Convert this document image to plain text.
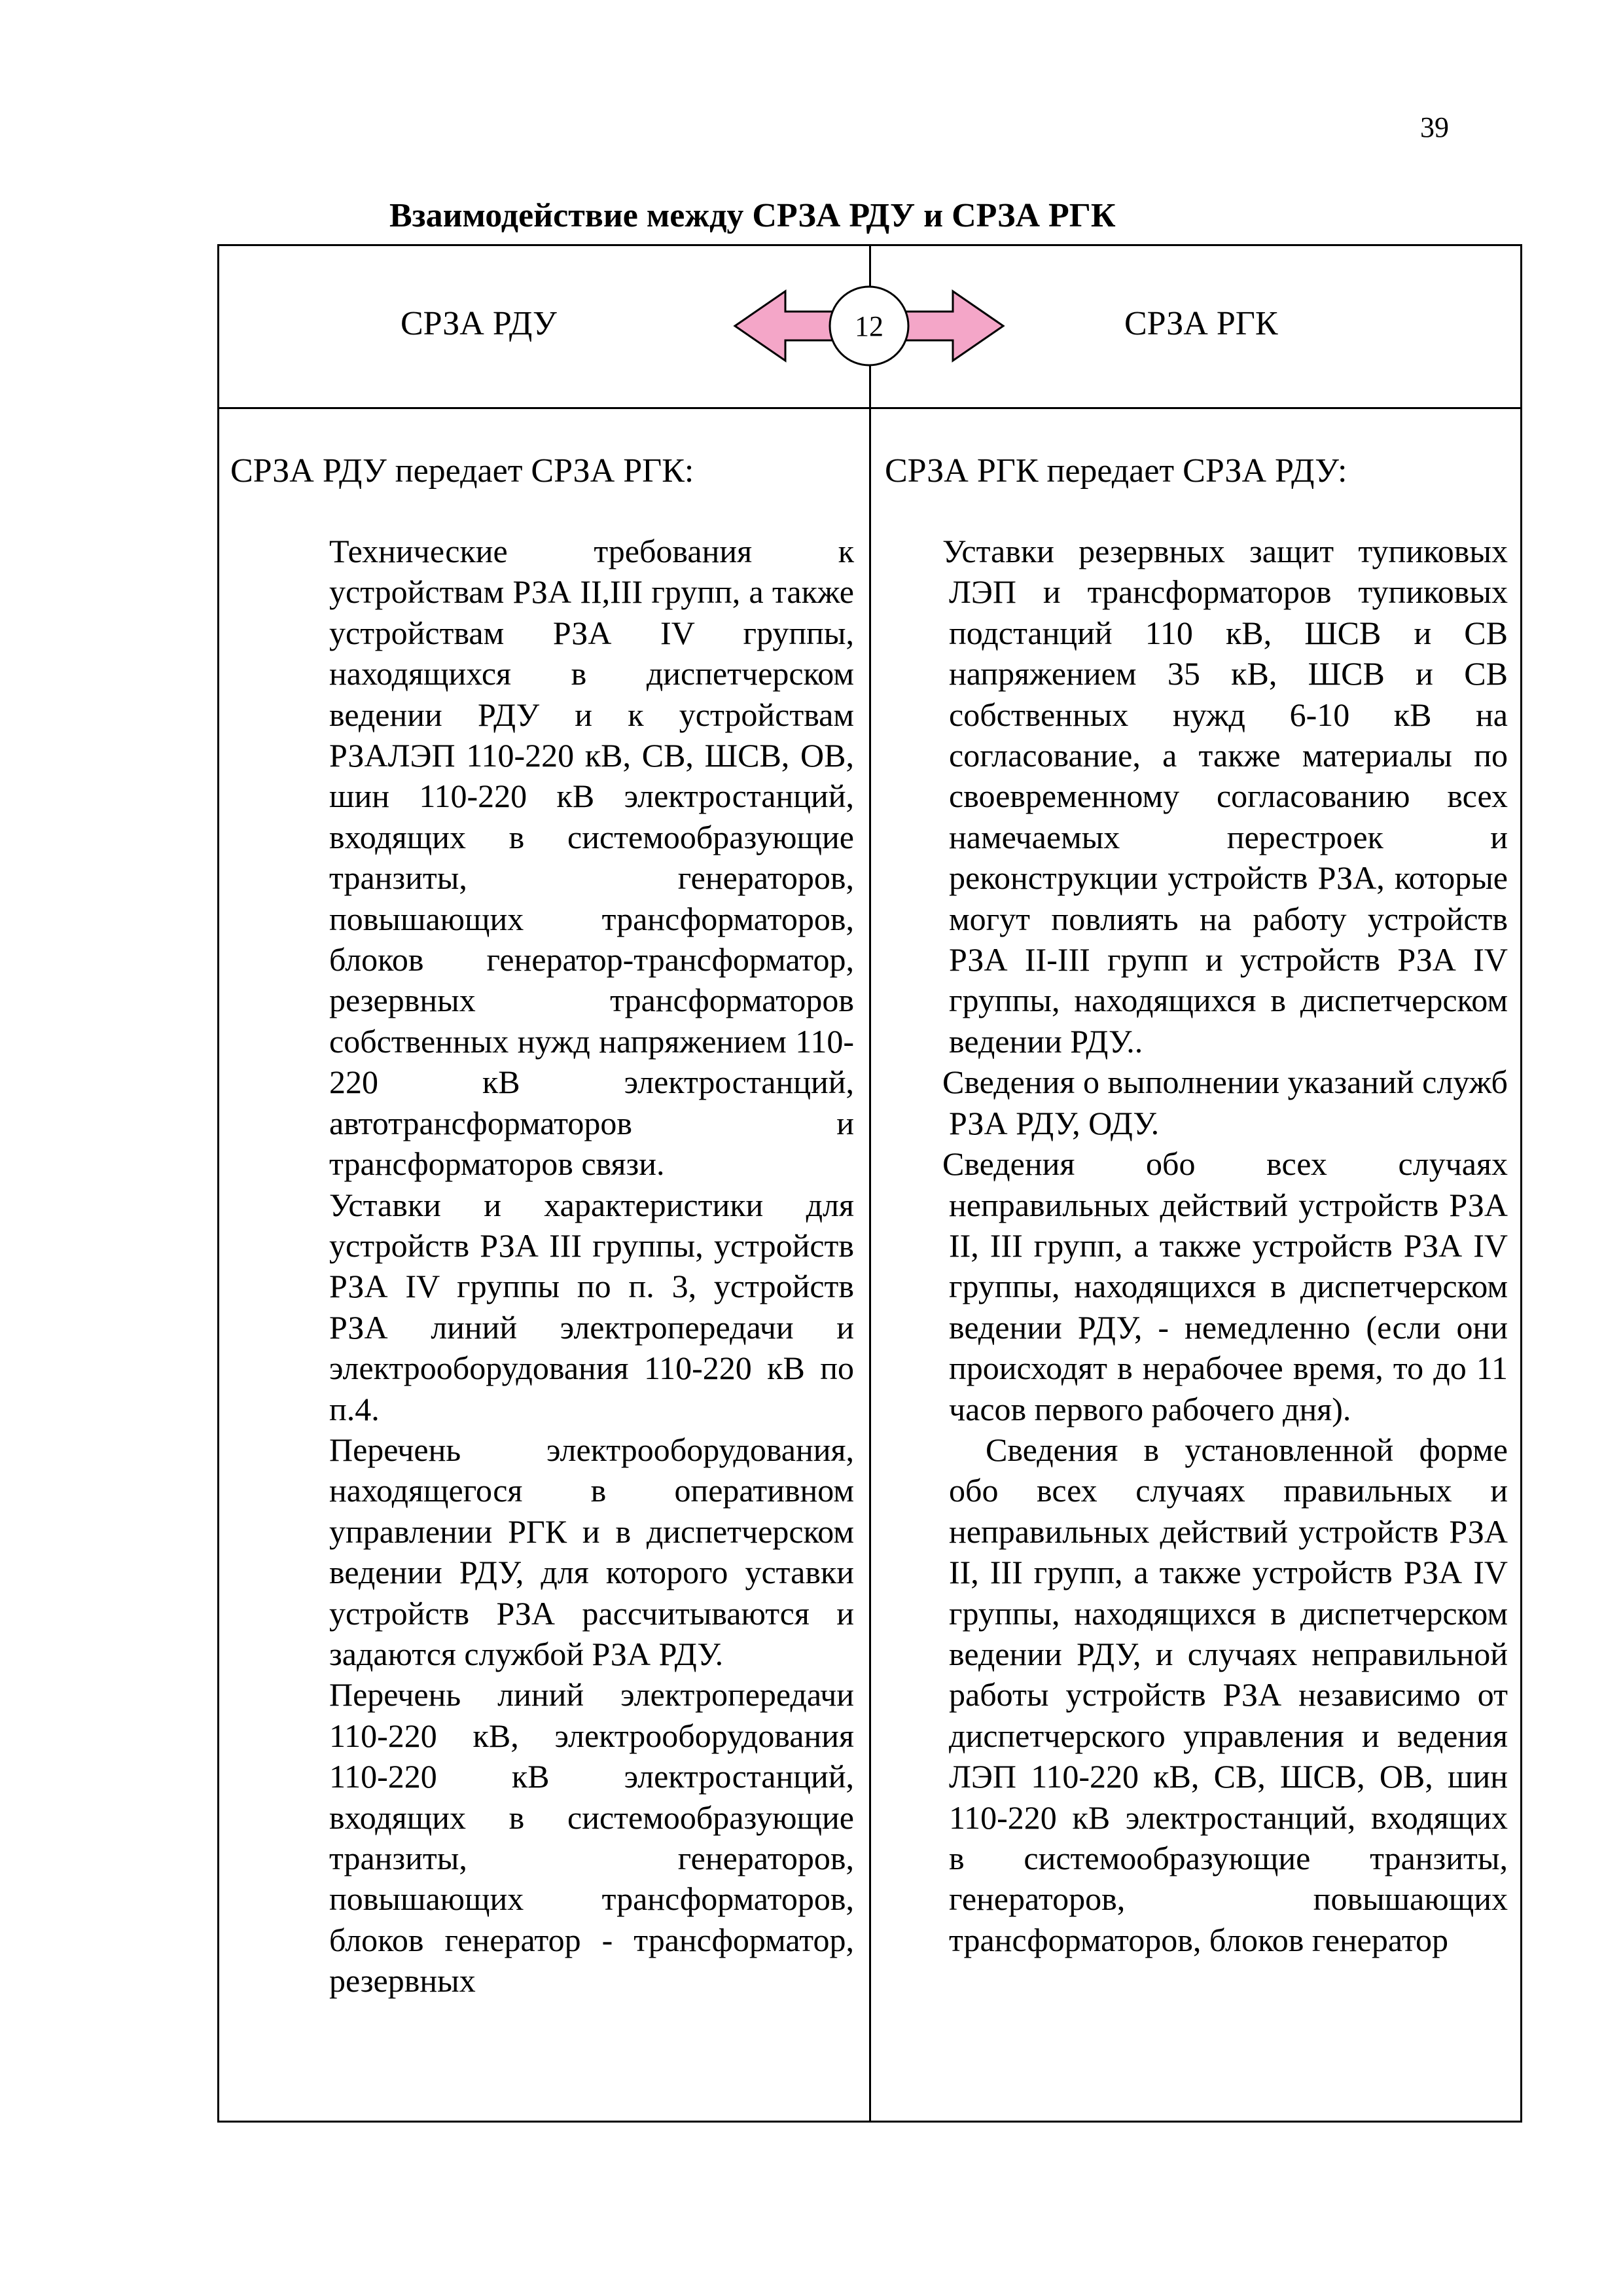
39
Взаимодействие между СРЗА РДУ и СРЗА РГК
СРЗА РДУ	СРЗА РГК
12
СРЗА РДУ передает СРЗА РГК:	СРЗА РГК передает СРЗА РДУ:
Технические требования к устройствам РЗА II,III групп, а также устройствам РЗА IV группы, находящихся в диспетчерском ведении РДУ и к устройствам РЗАЛЭП 110-220 кВ, СВ, ШСВ, ОВ, шин 110-220 кВ электростанций, входящих в системообразующие транзиты, генераторов, повышающих трансформаторов, блоков генератор-трансформатор, резервных трансформаторов собственных нужд напряжением 110-220 кВ электростанций, автотрансформаторов и трансформаторов связи.
Уставки и характеристики для устройств РЗА III группы, устройств РЗА IV группы по п. 3, устройств РЗА линий электропередачи и электрооборудования 110-220 кВ по п.4.
Перечень электрооборудования, находящегося в оперативном управлении РГК и в диспетчерском ведении РДУ, для которого уставки устройств РЗА рассчитываются и задаются службой РЗА РДУ.
Перечень линий электропередачи 110-220 кВ, электрооборудования 110-220 кВ электростанций, входящих в системообразующие транзиты, генераторов, повышающих трансформаторов, блоков генератор - трансформатор, резервных
Уставки резервных защит тупиковых ЛЭП и трансформаторов тупиковых подстанций 110 кВ, ШСВ и СВ напряжением 35 кВ, ШСВ и СВ собственных нужд 6-10 кВ на согласование, а также материалы по своевременному согласованию всех намечаемых перестроек и реконструкции устройств РЗА, которые могут повлиять на работу устройств РЗА II-III групп и устройств РЗА IV группы, находящихся в диспетчерском ведении РДУ..
Сведения о выполнении указаний служб РЗА РДУ, ОДУ.
Сведения обо всех случаях неправильных действий устройств РЗА II, III групп, а также устройств РЗА IV группы, находящихся в диспетчерском ведении РДУ, - немедленно (если они происходят в нерабочее время, то до 11 часов первого рабочего дня).
Сведения в установленной форме обо всех случаях правильных и неправильных действий устройств РЗА II, III групп, а также устройств РЗА IV группы, находящихся в диспетчерском ведении РДУ, и случаях неправильной работы устройств РЗА независимо от диспетчерского управления и ведения ЛЭП 110-220 кВ, СВ, ШСВ, ОВ, шин 110-220 кВ электростанций, входящих в системообразующие транзиты, генераторов, повышающих трансформаторов, блоков генератор
